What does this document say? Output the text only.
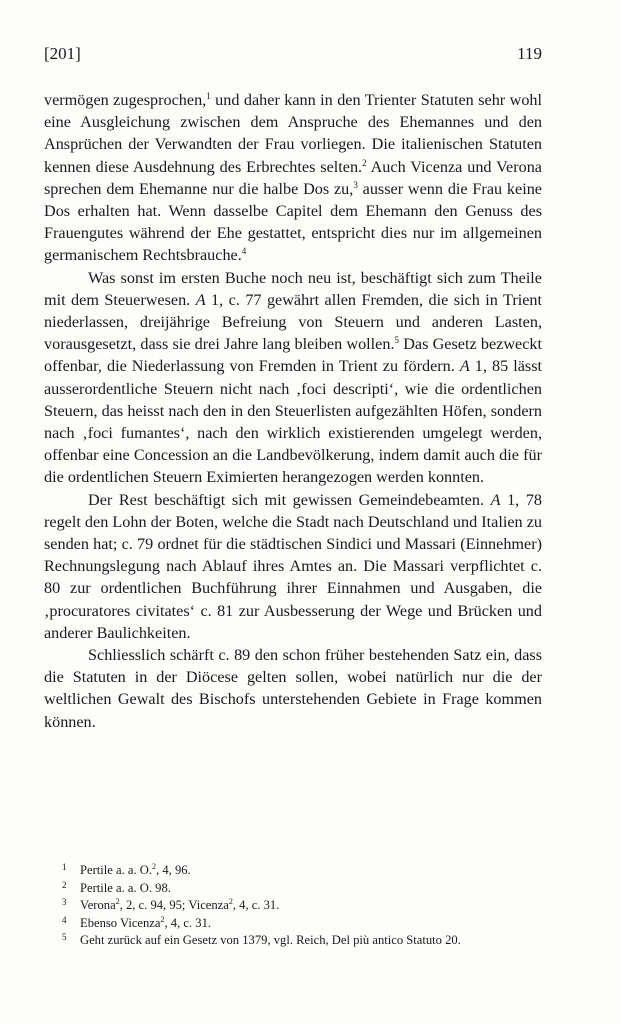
[201]	119

vermögen zugesprochen,$^1$ und daher kann in den Trienter Statuten sehr wohl eine Ausgleichung zwischen dem Anspruche des Ehemannes und den Ansprüchen der Verwandten der Frau vorliegen. Die italienischen Statuten kennen diese Ausdehnung des Erbrechtes selten.$^2$ Auch Vicenza und Verona sprechen dem Ehemanne nur die halbe Dos zu,$^3$ ausser wenn die Frau keine Dos erhalten hat. Wenn dasselbe Capitel dem Ehemann den Genuss des Frauengutes während der Ehe gestattet, entspricht dies nur im allgemeinen germanischem Rechtsbrauche.$^4$

Was sonst im ersten Buche noch neu ist, beschäftigt sich zum Theile mit dem Steuerwesen. A 1, c. 77 gewährt allen Fremden, die sich in Trient niederlassen, dreijährige Befreiung von Steuern und anderen Lasten, vorausgesetzt, dass sie drei Jahre lang bleiben wollen.$^5$ Das Gesetz bezweckt offenbar, die Niederlassung von Fremden in Trient zu fördern. A 1, 85 lässt ausserordentliche Steuern nicht nach ‚foci descripti‘, wie die ordentlichen Steuern, das heisst nach den in den Steuerlisten aufgezählten Höfen, sondern nach ‚foci fumantes‘, nach den wirklich existierenden umgelegt werden, offenbar eine Concession an die Landbevölkerung, indem damit auch die für die ordentlichen Steuern Eximierten herangezogen werden konnten.

Der Rest beschäftigt sich mit gewissen Gemeindebeamten. A 1, 78 regelt den Lohn der Boten, welche die Stadt nach Deutschland und Italien zu senden hat; c. 79 ordnet für die städtischen Sindici und Massari (Einnehmer) Rechnungslegung nach Ablauf ihres Amtes an. Die Massari verpflichtet c. 80 zur ordentlichen Buchführung ihrer Einnahmen und Ausgaben, die ‚procuratores civitates‘ c. 81 zur Ausbesserung der Wege und Brücken und anderer Baulichkeiten.

Schliesslich schärft c. 89 den schon früher bestehenden Satz ein, dass die Statuten in der Diöcese gelten sollen, wobei natürlich nur die der weltlichen Gewalt des Bischofs unterstehenden Gebiete in Frage kommen können.

1 Pertile a. a. O.$^2$, 4, 96.

2 Pertile a. a. O. 98.

3 Verona$^2$, 2, c. 94, 95; Vicenza$^2$, 4, c. 31.

4 Ebenso Vicenza$^2$, 4, c. 31.

5 Geht zurück auf ein Gesetz von 1379, vgl. Reich, Del più antico Statuto 20.
